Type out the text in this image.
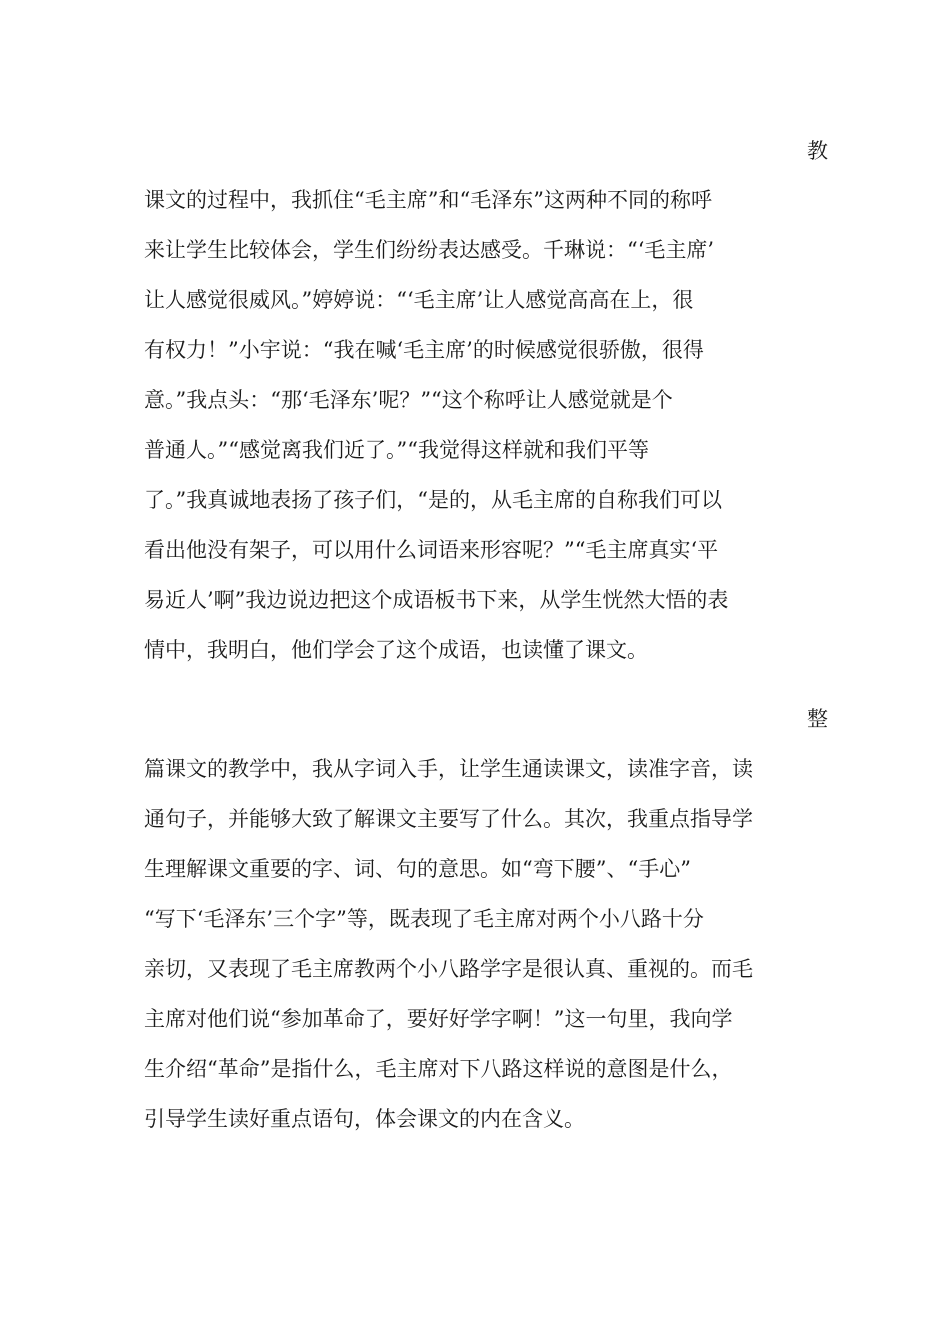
教

课文的过程中，我抓住“毛主席”和“毛泽东”这两种不同的称呼
来让学生比较体会，学生们纷纷表达感受。千琳说：“‘毛主席’
让人感觉很威风。”婷婷说：“‘毛主席’让人感觉高高在上，很
有权力！”小宇说：“我在喊‘毛主席’的时候感觉很骄傲，很得
意。”我点头：“那‘毛泽东’呢？”“这个称呼让人感觉就是个
普通人。”“感觉离我们近了。”“我觉得这样就和我们平等
了。”我真诚地表扬了孩子们，“是的，从毛主席的自称我们可以
看出他没有架子，可以用什么词语来形容呢？”“毛主席真实‘平
易近人’啊”我边说边把这个成语板书下来，从学生恍然大悟的表
情中，我明白，他们学会了这个成语，也读懂了课文。

整

篇课文的教学中，我从字词入手，让学生通读课文，读准字音，读
通句子，并能够大致了解课文主要写了什么。其次，我重点指导学
生理解课文重要的字、词、句的意思。如“弯下腰”、“手心”
“写下‘毛泽东’三个字”等，既表现了毛主席对两个小八路十分
亲切，又表现了毛主席教两个小八路学字是很认真、重视的。而毛
主席对他们说“参加革命了，要好好学字啊！”这一句里，我向学
生介绍“革命”是指什么，毛主席对下八路这样说的意图是什么，
引导学生读好重点语句，体会课文的内在含义。
